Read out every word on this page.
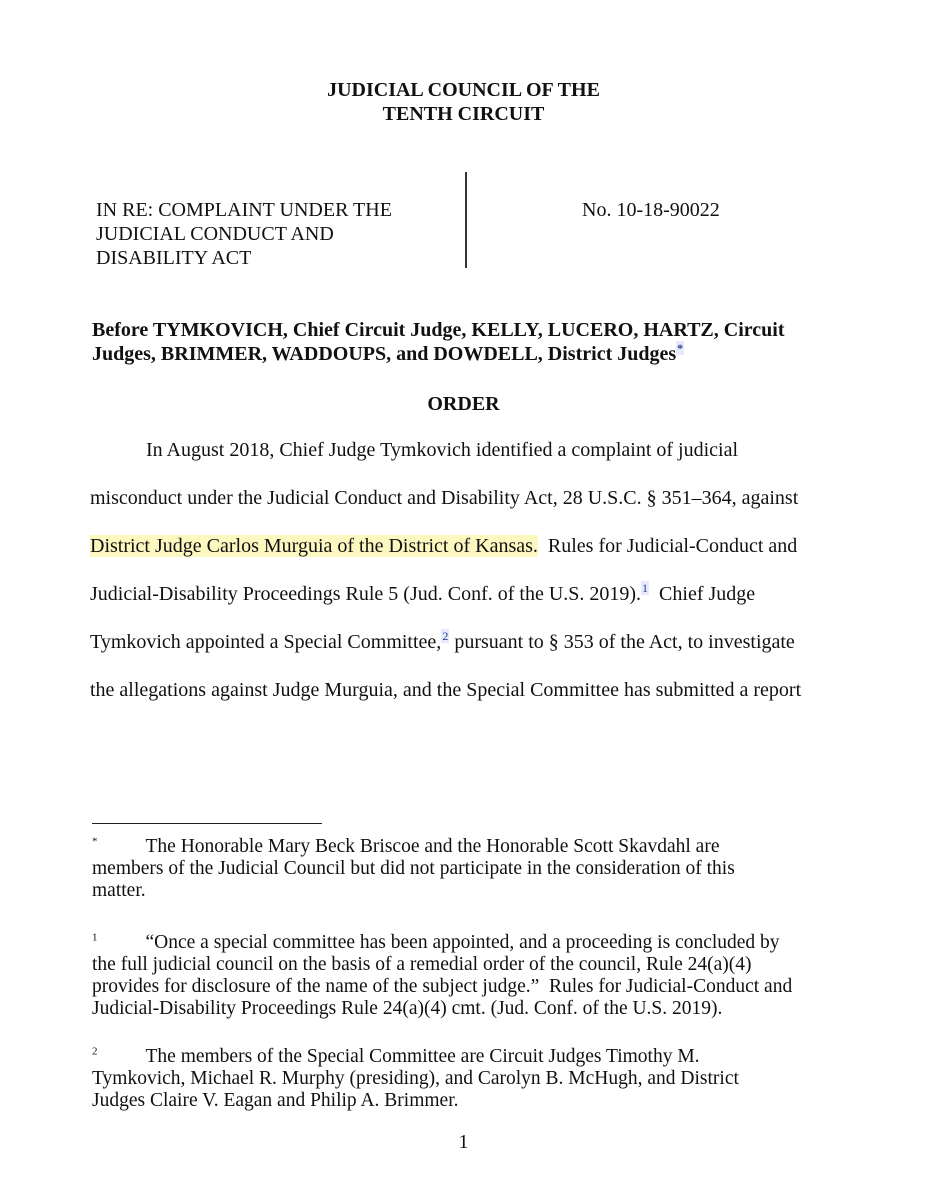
JUDICIAL COUNCIL OF THE
TENTH CIRCUIT
IN RE: COMPLAINT UNDER THE
JUDICIAL CONDUCT AND
DISABILITY ACT
No. 10-18-90022
Before TYMKOVICH, Chief Circuit Judge, KELLY, LUCERO, HARTZ, Circuit
Judges, BRIMMER, WADDOUPS, and DOWDELL, District Judges*
ORDER
In August 2018, Chief Judge Tymkovich identified a complaint of judicial
misconduct under the Judicial Conduct and Disability Act, 28 U.S.C. § 351–364, against
District Judge Carlos Murguia of the District of Kansas.  Rules for Judicial-Conduct and
Judicial-Disability Proceedings Rule 5 (Jud. Conf. of the U.S. 2019).$^1$  Chief Judge
Tymkovich appointed a Special Committee,$^2$ pursuant to § 353 of the Act, to investigate
the allegations against Judge Murguia, and the Special Committee has submitted a report
* The Honorable Mary Beck Briscoe and the Honorable Scott Skavdahl are
members of the Judicial Council but did not participate in the consideration of this
matter.
$^1$ “Once a special committee has been appointed, and a proceeding is concluded by
the full judicial council on the basis of a remedial order of the council, Rule 24(a)(4)
provides for disclosure of the name of the subject judge.”  Rules for Judicial-Conduct and
Judicial-Disability Proceedings Rule 24(a)(4) cmt. (Jud. Conf. of the U.S. 2019).
$^2$ The members of the Special Committee are Circuit Judges Timothy M.
Tymkovich, Michael R. Murphy (presiding), and Carolyn B. McHugh, and District
Judges Claire V. Eagan and Philip A. Brimmer.
1
